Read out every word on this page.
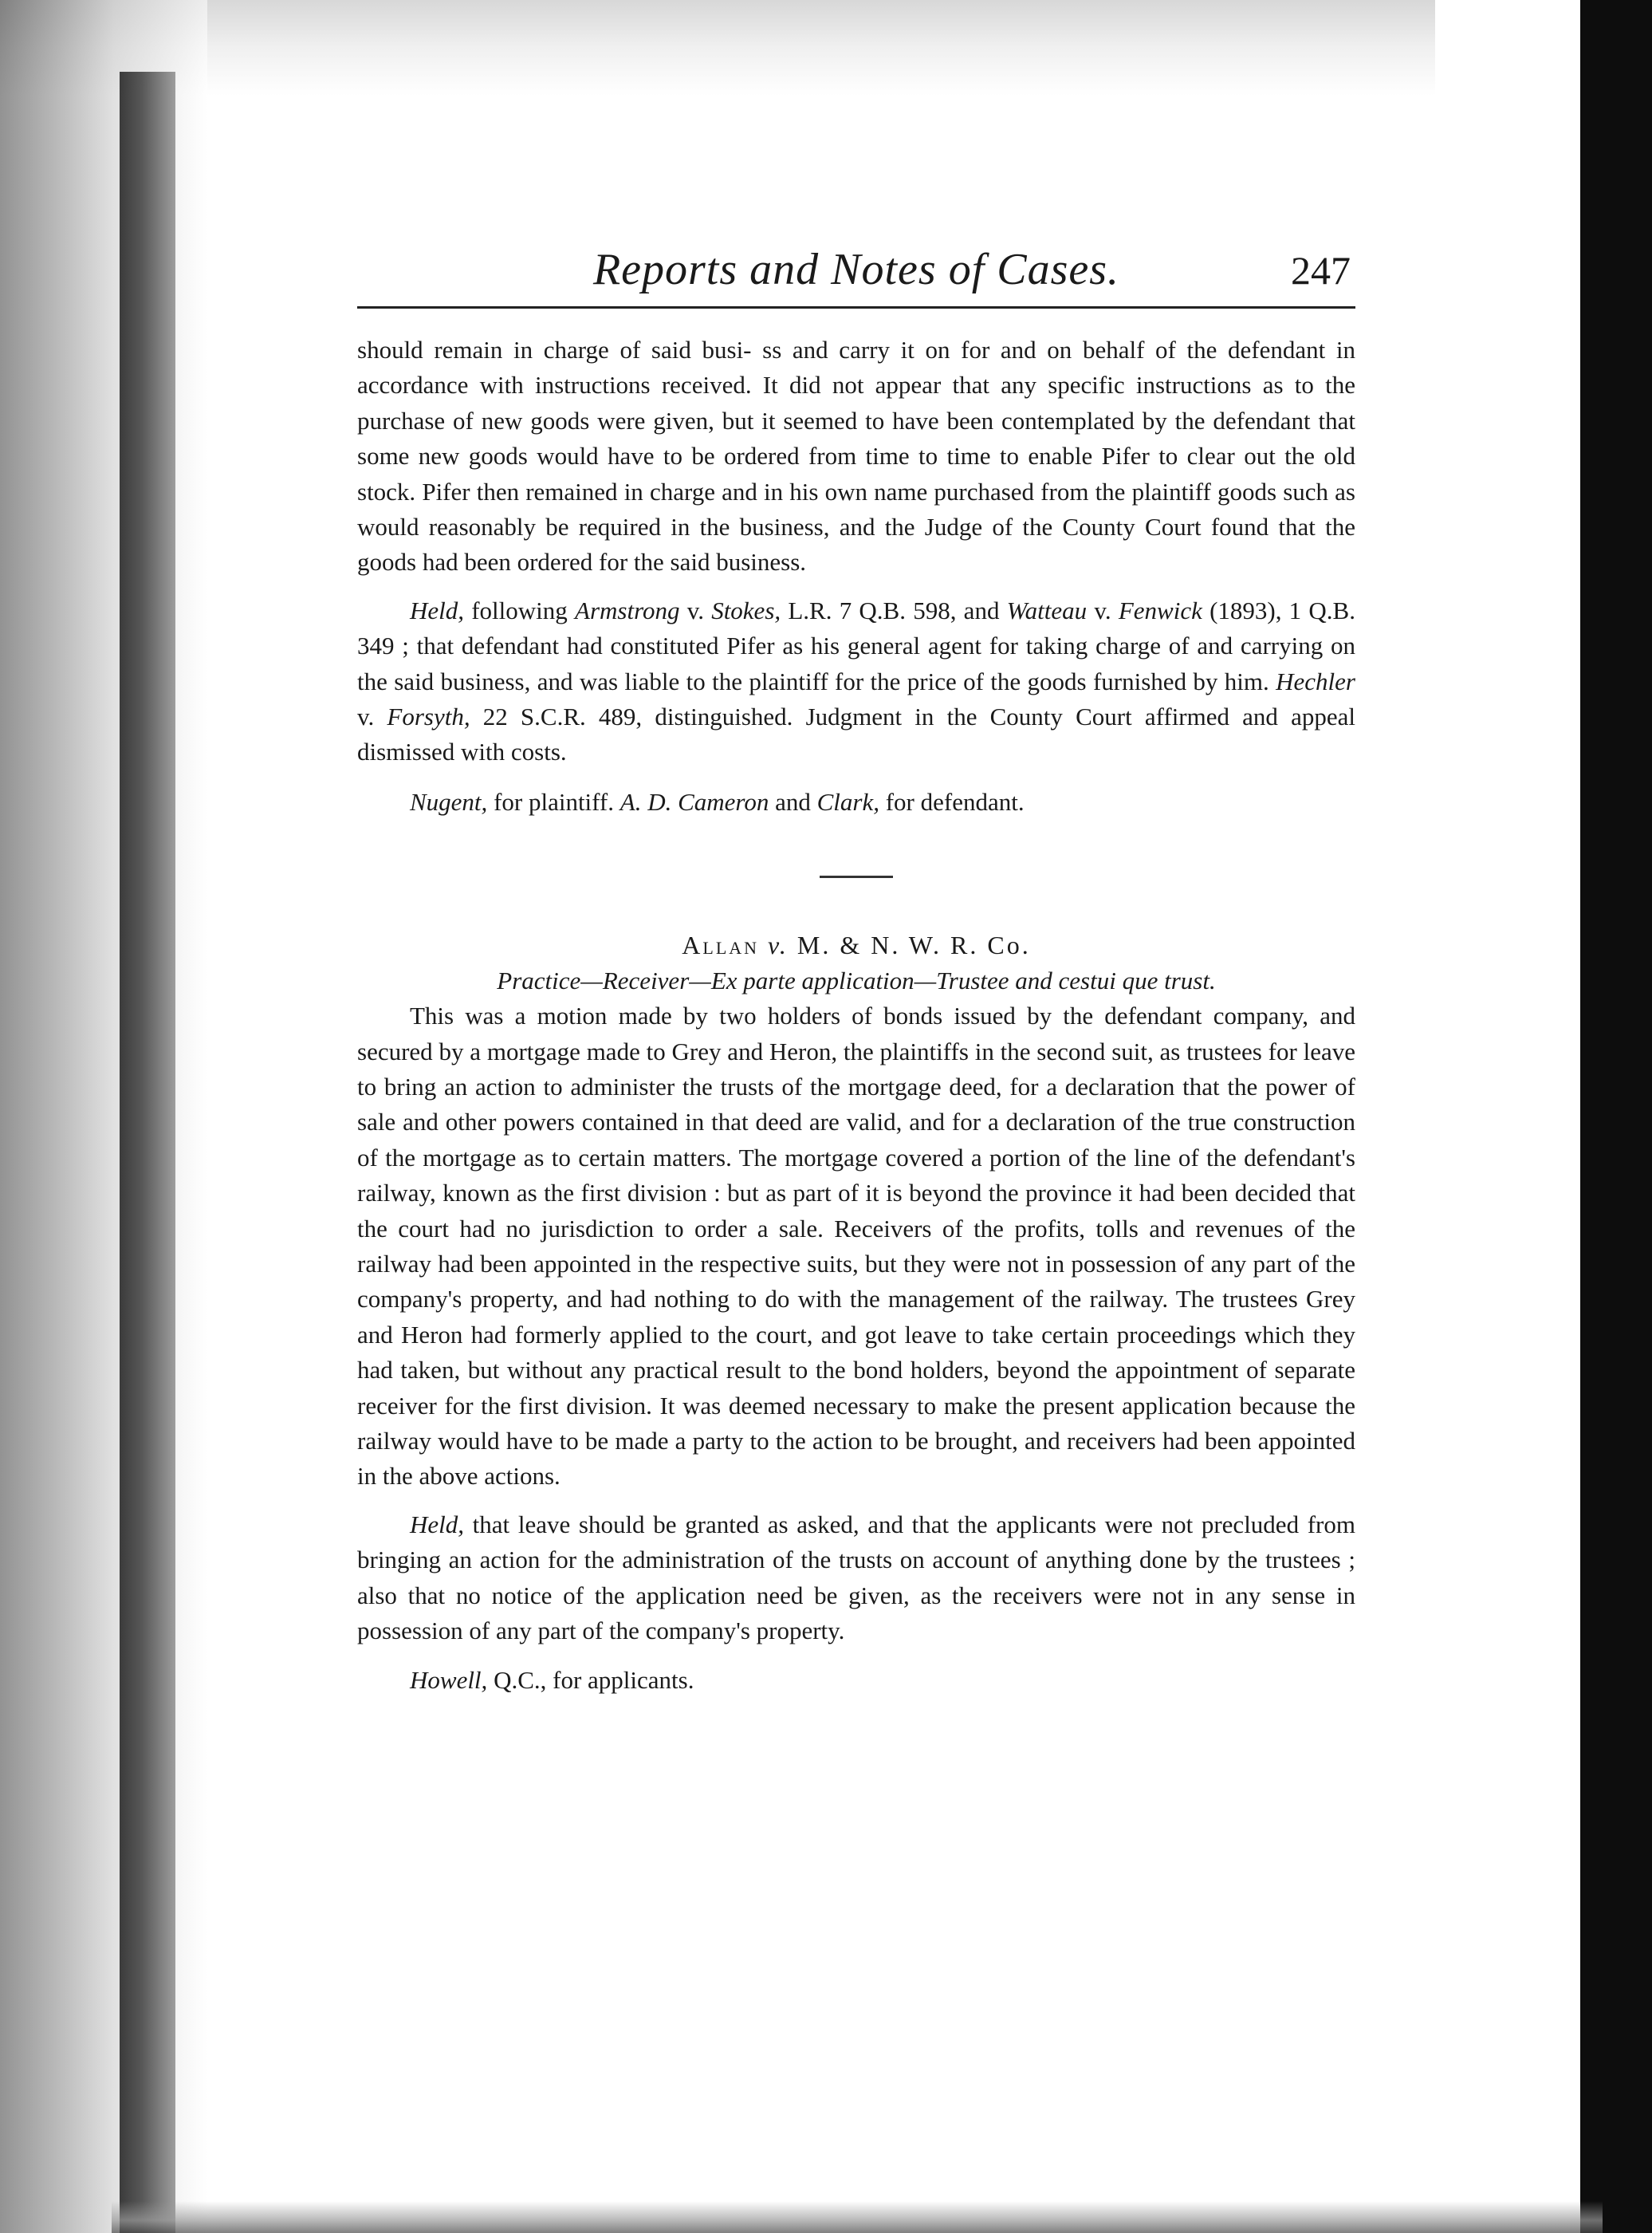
Reports and Notes of Cases.	247

should remain in charge of said busi- ss and carry it on for and on behalf of the defendant in accordance with instructions received. It did not appear that any specific instructions as to the purchase of new goods were given, but it seemed to have been contemplated by the defendant that some new goods would have to be ordered from time to time to enable Pifer to clear out the old stock. Pifer then remained in charge and in his own name purchased from the plaintiff goods such as would reasonably be required in the business, and the Judge of the County Court found that the goods had been ordered for the said business.

Held, following Armstrong v. Stokes, L.R. 7 Q.B. 598, and Watteau v. Fenwick (1893), 1 Q.B. 349 ; that defendant had constituted Pifer as his general agent for taking charge of and carrying on the said business, and was liable to the plaintiff for the price of the goods furnished by him. Hechler v. Forsyth, 22 S.C.R. 489, distinguished. Judgment in the County Court affirmed and appeal dismissed with costs.

Nugent, for plaintiff. A. D. Cameron and Clark, for defendant.

Allan v. M. & N. W. R. Co.

Practice—Receiver—Ex parte application—Trustee and cestui que trust.

This was a motion made by two holders of bonds issued by the defendant company, and secured by a mortgage made to Grey and Heron, the plaintiffs in the second suit, as trustees for leave to bring an action to administer the trusts of the mortgage deed, for a declaration that the power of sale and other powers contained in that deed are valid, and for a declaration of the true construction of the mortgage as to certain matters. The mortgage covered a portion of the line of the defendant's railway, known as the first division : but as part of it is beyond the province it had been decided that the court had no jurisdiction to order a sale. Receivers of the profits, tolls and revenues of the railway had been appointed in the respective suits, but they were not in possession of any part of the company's property, and had nothing to do with the management of the railway. The trustees Grey and Heron had formerly applied to the court, and got leave to take certain proceedings which they had taken, but without any practical result to the bond holders, beyond the appointment of separate receiver for the first division. It was deemed necessary to make the present application because the railway would have to be made a party to the action to be brought, and receivers had been appointed in the above actions.

Held, that leave should be granted as asked, and that the applicants were not precluded from bringing an action for the administration of the trusts on account of anything done by the trustees ; also that no notice of the application need be given, as the receivers were not in any sense in possession of any part of the company's property.

Howell, Q.C., for applicants.
